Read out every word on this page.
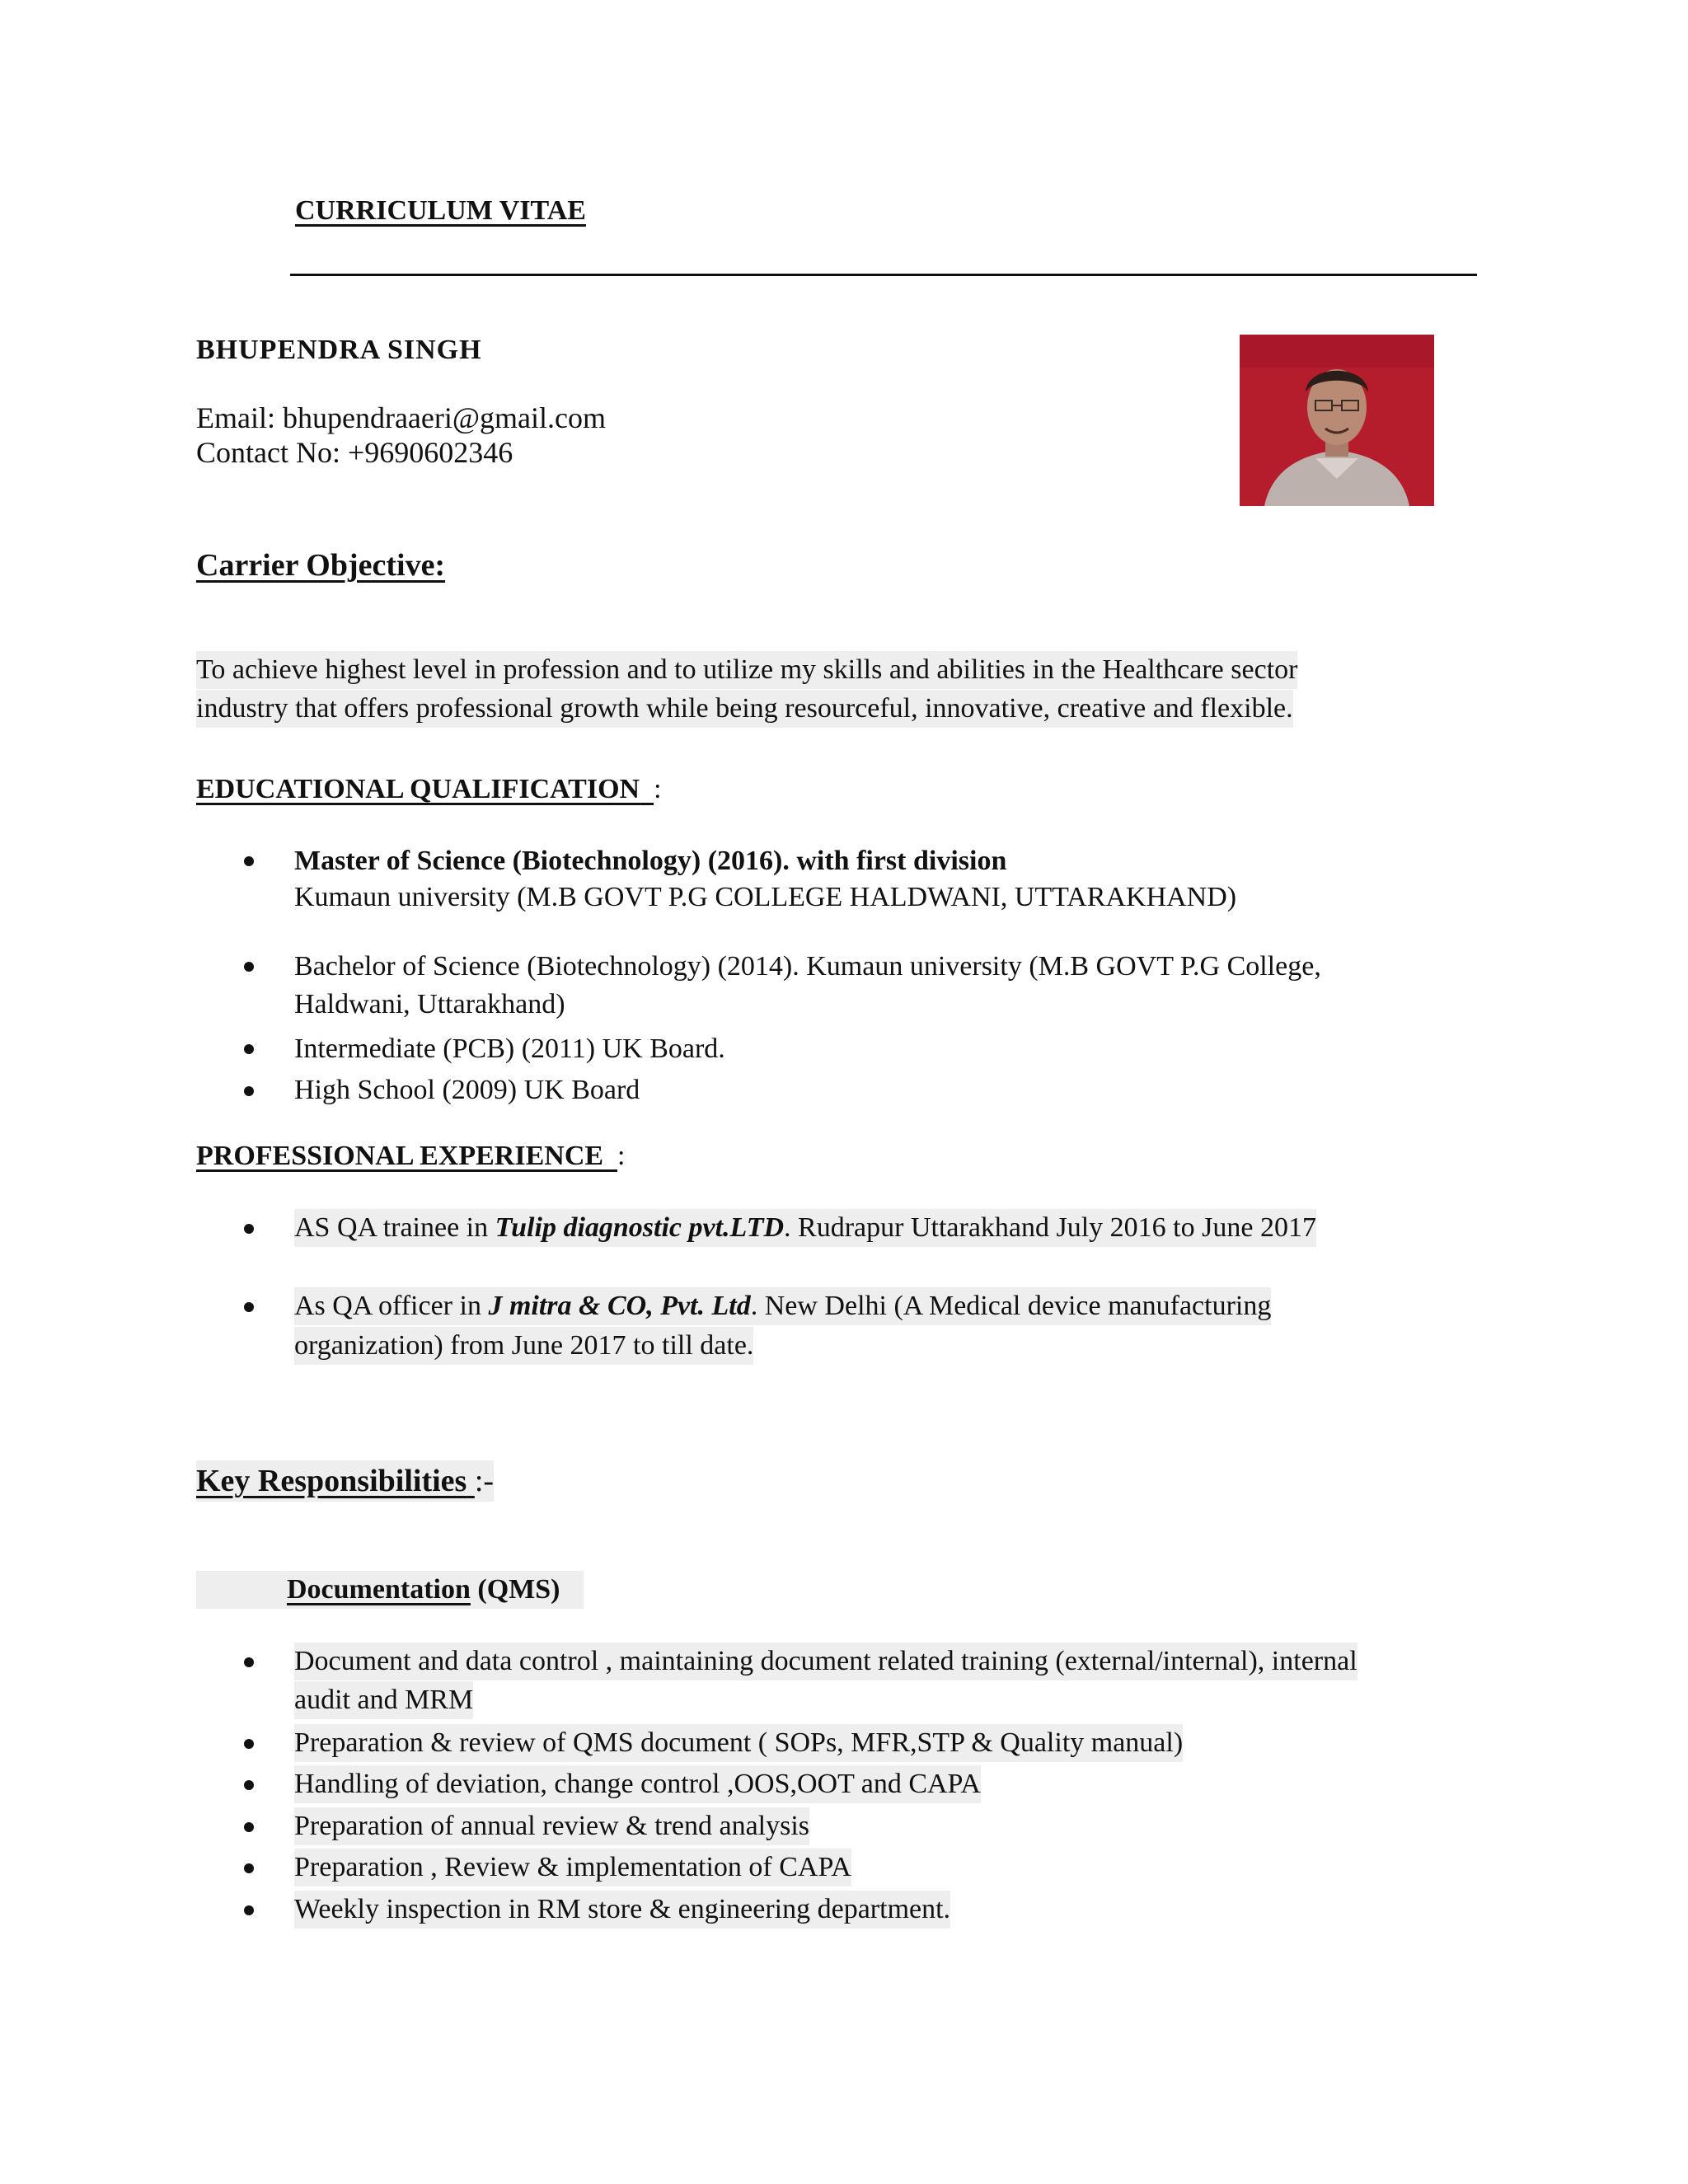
CURRICULUM VITAE
BHUPENDRA SINGH
Email: bhupendraaeri@gmail.com
Contact No: +9690602346
Carrier Objective:
To achieve highest level in profession and to utilize my skills and abilities in the Healthcare sector
industry that offers professional growth while being resourceful, innovative, creative and flexible.
EDUCATIONAL QUALIFICATION :
Master of Science (Biotechnology) (2016). with first division
Kumaun university (M.B GOVT P.G COLLEGE HALDWANI, UTTARAKHAND)
Bachelor of Science (Biotechnology) (2014). Kumaun university (M.B GOVT P.G College,
Haldwani, Uttarakhand)
Intermediate (PCB) (2011) UK Board.
High School (2009) UK Board
PROFESSIONAL EXPERIENCE :
AS QA trainee in Tulip diagnostic pvt.LTD. Rudrapur Uttarakhand July 2016 to June 2017
As QA officer in J mitra & CO, Pvt. Ltd. New Delhi (A Medical device manufacturing
organization) from June 2017 to till date.
Key Responsibilities :-
Documentation (QMS)
Document and data control , maintaining document related training (external/internal), internal
audit and MRM
Preparation & review of QMS document ( SOPs, MFR,STP & Quality manual)
Handling of deviation, change control ,OOS,OOT and CAPA
Preparation of annual review & trend analysis
Preparation , Review & implementation of CAPA
Weekly inspection in RM store & engineering department.
